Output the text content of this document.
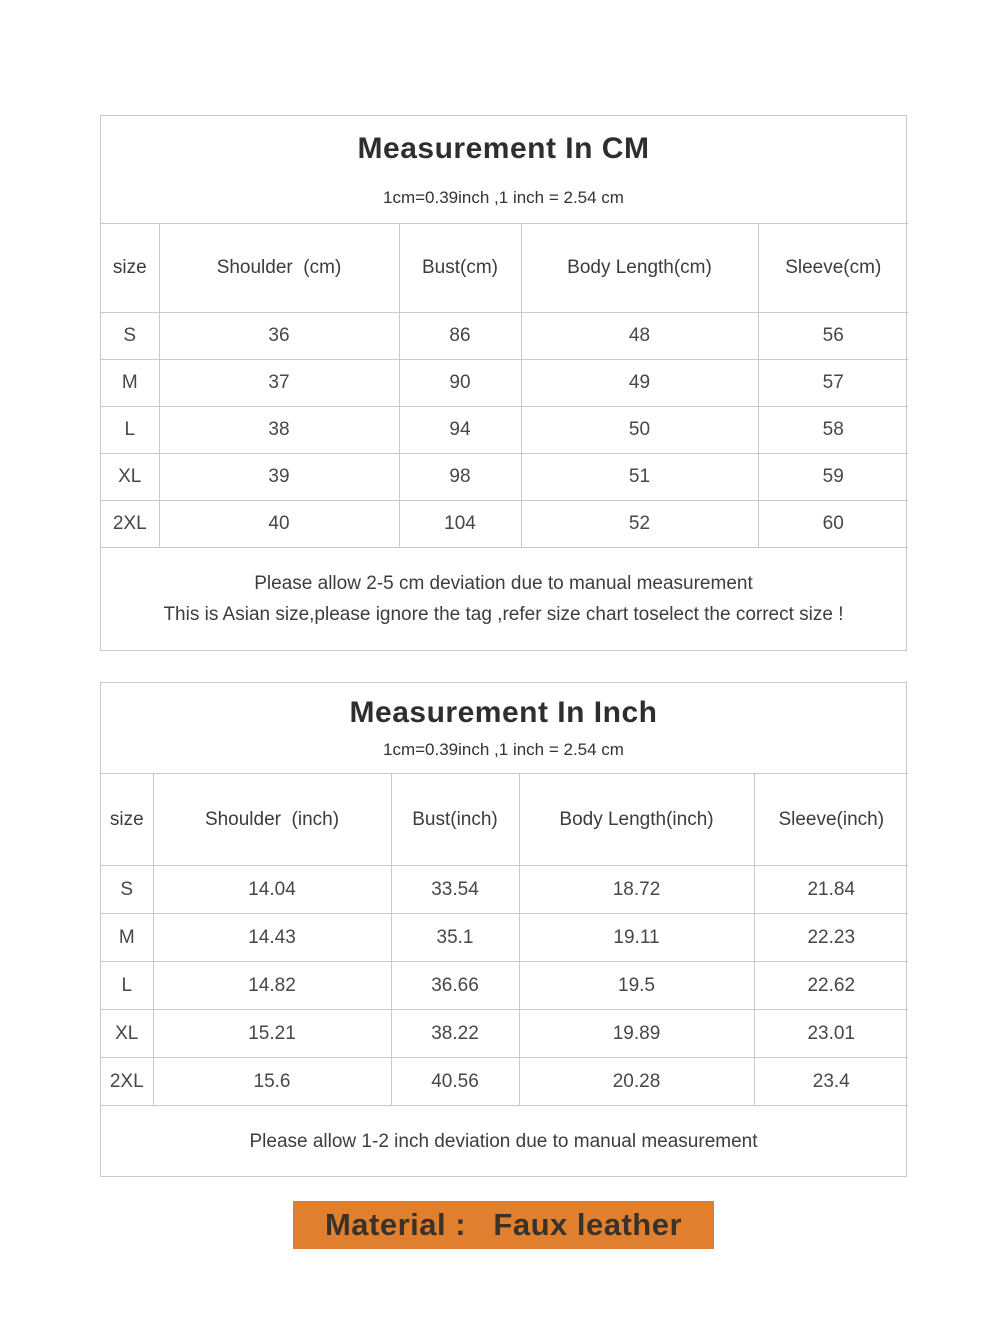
Measurement In CM
1cm=0.39inch ,1 inch = 2.54 cm
size	Shoulder  (cm)	Bust(cm)	Body Length(cm)	Sleeve(cm)
S	36	86	48	56
M	37	90	49	57
L	38	94	50	58
XL	39	98	51	59
2XL	40	104	52	60
Please allow 2-5 cm deviation due to manual measurement
This is Asian size,please ignore the tag ,refer size chart toselect the correct size !
Measurement In Inch
1cm=0.39inch ,1 inch = 2.54 cm
size	Shoulder  (inch)	Bust(inch)	Body Length(inch)	Sleeve(inch)
S	14.04	33.54	18.72	21.84
M	14.43	35.1	19.11	22.23
L	14.82	36.66	19.5	22.62
XL	15.21	38.22	19.89	23.01
2XL	15.6	40.56	20.28	23.4
Please allow 1-2 inch deviation due to manual measurement
Material :   Faux leather
